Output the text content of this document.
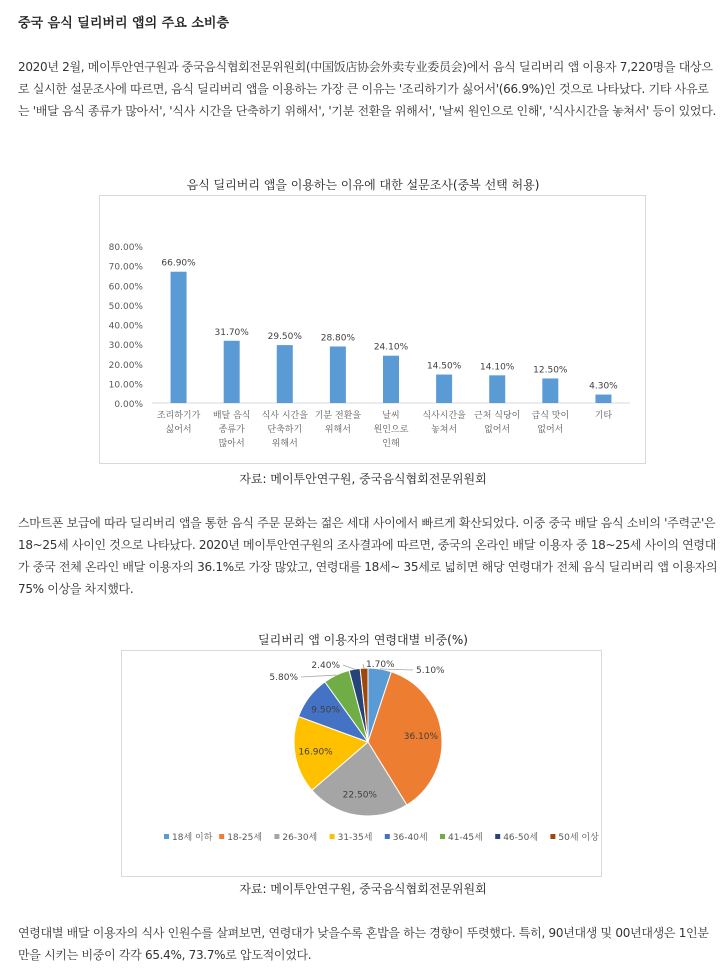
중국 음식 딜리버리 앱의 주요 소비층
2020년 2월, 메이투안연구원과 중국음식협회전문위원회(中国饭店协会外卖专业委员会)에서 음식 딜리버리 앱 이용자 7,220명을 대상으로 실시한 설문조사에 따르면, 음식 딜리버리 앱을 이용하는 가장 큰 이유는 '조리하기가 싫어서'(66.9%)인 것으로 나타났다. 기타 사유로는 '배달 음식 종류가 많아서', '식사 시간을 단축하기 위해서', '기분 전환을 위해서', '날씨 원인으로 인해', '식사시간을 놓쳐서' 등이 있었다.
음식 딜리버리 앱을 이용하는 이유에 대한 설문조사(중복 선택 허용)
0.00%
10.00%
20.00%
30.00%
40.00%
50.00%
60.00%
70.00%
80.00%
66.90%
조리하기가
싫어서
31.70%
배달 음식
종류가
많아서
29.50%
식사 시간을
단축하기
위해서
28.80%
기분 전환을
위해서
24.10%
날씨
원인으로
인해
14.50%
식사시간을
놓쳐서
14.10%
근처 식당이
없어서
12.50%
급식 맛이
없어서
4.30%
기타
자료: 메이투안연구원, 중국음식협회전문위원회
스마트폰 보급에 따라 딜리버리 앱을 통한 음식 주문 문화는 젊은 세대 사이에서 빠르게 확산되었다. 이중 중국 배달 음식 소비의 '주력군'은 18~25세 사이인 것으로 나타났다. 2020년 메이투안연구원의 조사결과에 따르면, 중국의 온라인 배달 이용자 중 18~25세 사이의 연령대가 중국 전체 온라인 배달 이용자의 36.1%로 가장 많았고, 연령대를 18세~ 35세로 넓히면 해당 연령대가 전체 음식 딜리버리 앱 이용자의 75% 이상을 차지했다.
딜리버리 앱 이용자의 연령대별 비중(%)
5.10%
36.10%
22.50%
16.90%
9.50%
5.80%
2.40%	1.70%
18세 이하 18-25세 26-30세 31-35세 36-40세 41-45세 46-50세 50세 이상
자료: 메이투안연구원, 중국음식협회전문위원회
연령대별 배달 이용자의 식사 인원수를 살펴보면, 연령대가 낮을수록 혼밥을 하는 경향이 뚜렷했다. 특히, 90년대생 및 00년대생은 1인분만을 시키는 비중이 각각 65.4%, 73.7%로 압도적이었다.
